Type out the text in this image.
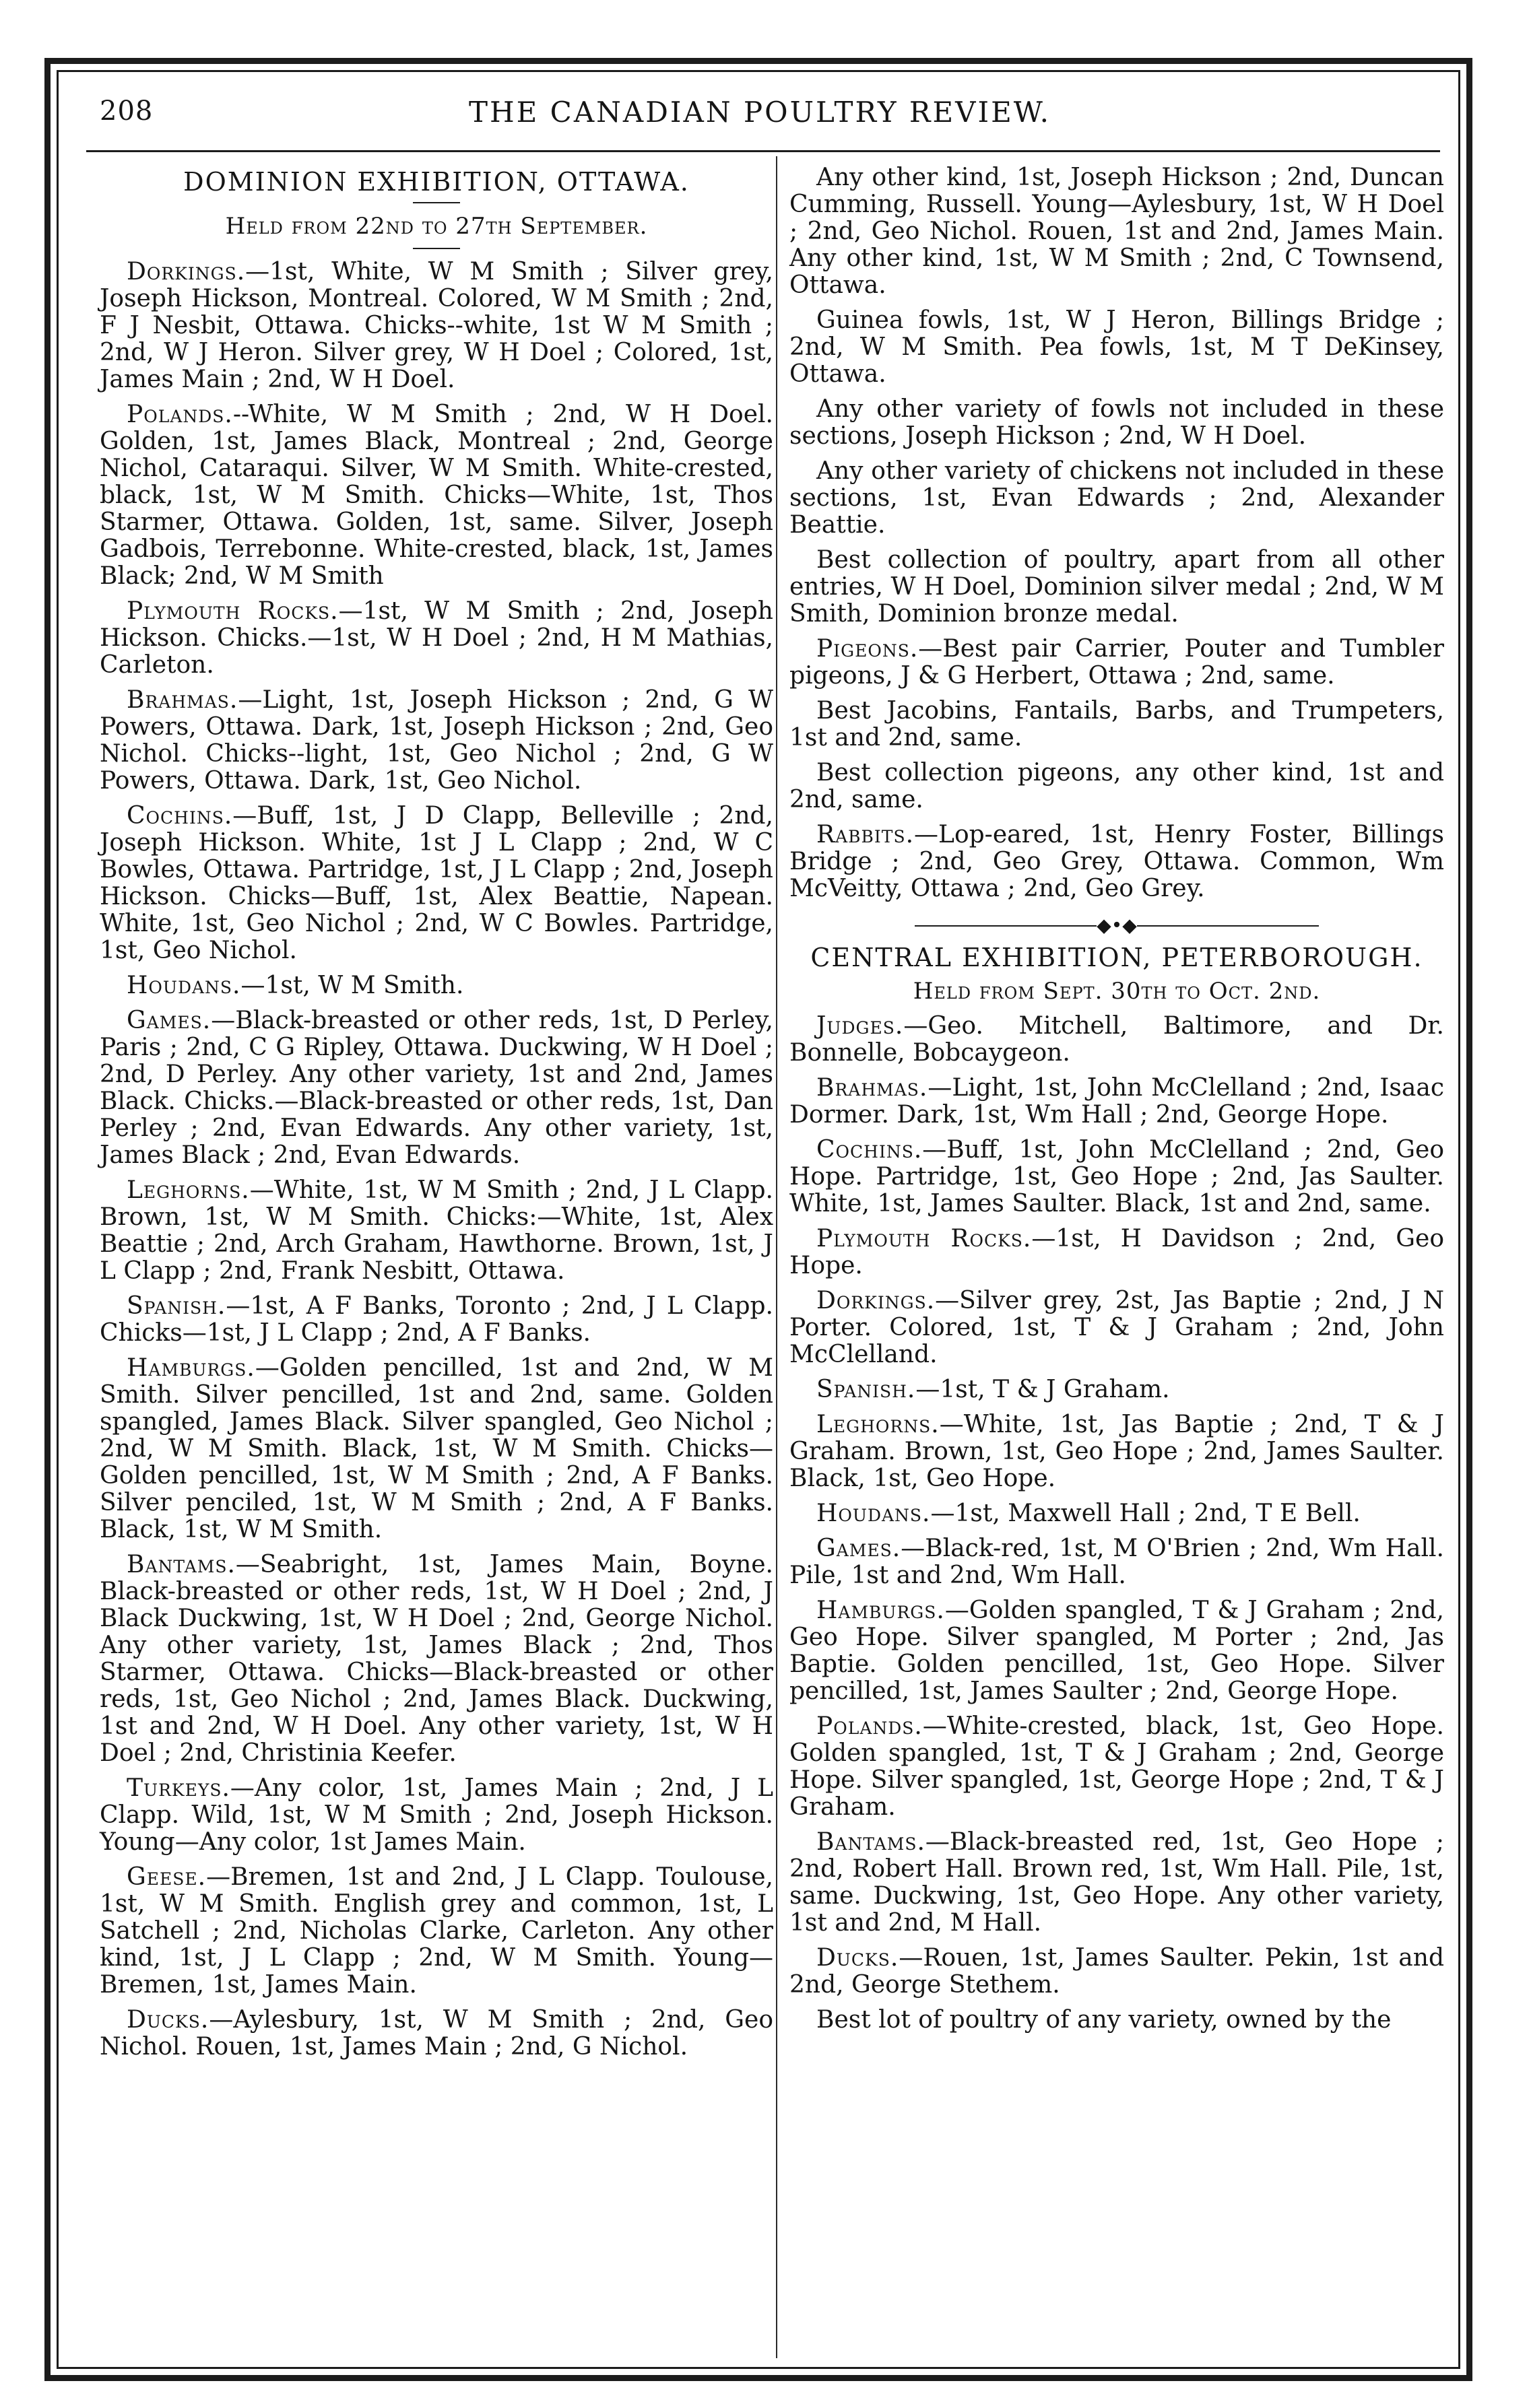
208	THE CANADIAN POULTRY REVIEW.
DOMINION EXHIBITION, OTTAWA.
Held from 22nd to 27th September.

Dorkings.—1st, White, W M Smith ; Silver grey, Joseph Hickson, Montreal. Colored, W M Smith ; 2nd, F J Nesbit, Ottawa. Chicks--white, 1st W M Smith ; 2nd, W J Heron. Silver grey, W H Doel ; Colored, 1st, James Main ; 2nd, W H Doel.

Polands.--White, W M Smith ; 2nd, W H Doel. Golden, 1st, James Black, Montreal ; 2nd, George Nichol, Cataraqui. Silver, W M Smith. White-crested, black, 1st, W M Smith. Chicks—White, 1st, Thos Starmer, Ottawa. Golden, 1st, same. Silver, Joseph Gadbois, Terrebonne. White-crested, black, 1st, James Black; 2nd, W M Smith

Plymouth Rocks.—1st, W M Smith ; 2nd, Joseph Hickson. Chicks.—1st, W H Doel ; 2nd, H M Mathias, Carleton.

Brahmas.—Light, 1st, Joseph Hickson ; 2nd, G W Powers, Ottawa. Dark, 1st, Joseph Hickson ; 2nd, Geo Nichol. Chicks--light, 1st, Geo Nichol ; 2nd, G W Powers, Ottawa. Dark, 1st, Geo Nichol.

Cochins.—Buff, 1st, J D Clapp, Belleville ; 2nd, Joseph Hickson. White, 1st J L Clapp ; 2nd, W C Bowles, Ottawa. Partridge, 1st, J L Clapp ; 2nd, Joseph Hickson. Chicks—Buff, 1st, Alex Beattie, Napean. White, 1st, Geo Nichol ; 2nd, W C Bowles. Partridge, 1st, Geo Nichol.

Houdans.—1st, W M Smith.

Games.—Black-breasted or other reds, 1st, D Perley, Paris ; 2nd, C G Ripley, Ottawa. Duckwing, W H Doel ; 2nd, D Perley. Any other variety, 1st and 2nd, James Black. Chicks.—Black-breasted or other reds, 1st, Dan Perley ; 2nd, Evan Edwards. Any other variety, 1st, James Black ; 2nd, Evan Edwards.

Leghorns.—White, 1st, W M Smith ; 2nd, J L Clapp. Brown, 1st, W M Smith. Chicks:—White, 1st, Alex Beattie ; 2nd, Arch Graham, Hawthorne. Brown, 1st, J L Clapp ; 2nd, Frank Nesbitt, Ottawa.

Spanish.—1st, A F Banks, Toronto ; 2nd, J L Clapp. Chicks—1st, J L Clapp ; 2nd, A F Banks.

Hamburgs.—Golden pencilled, 1st and 2nd, W M Smith. Silver pencilled, 1st and 2nd, same. Golden spangled, James Black. Silver spangled, Geo Nichol ; 2nd, W M Smith. Black, 1st, W M Smith. Chicks—Golden pencilled, 1st, W M Smith ; 2nd, A F Banks. Silver penciled, 1st, W M Smith ; 2nd, A F Banks. Black, 1st, W M Smith.

Bantams.—Seabright, 1st, James Main, Boyne. Black-breasted or other reds, 1st, W H Doel ; 2nd, J Black Duckwing, 1st, W H Doel ; 2nd, George Nichol. Any other variety, 1st, James Black ; 2nd, Thos Starmer, Ottawa. Chicks—Black-breasted or other reds, 1st, Geo Nichol ; 2nd, James Black. Duckwing, 1st and 2nd, W H Doel. Any other variety, 1st, W H Doel ; 2nd, Christinia Keefer.

Turkeys.—Any color, 1st, James Main ; 2nd, J L Clapp. Wild, 1st, W M Smith ; 2nd, Joseph Hickson. Young—Any color, 1st James Main.

Geese.—Bremen, 1st and 2nd, J L Clapp. Toulouse, 1st, W M Smith. English grey and common, 1st, L Satchell ; 2nd, Nicholas Clarke, Carleton. Any other kind, 1st, J L Clapp ; 2nd, W M Smith. Young—Bremen, 1st, James Main.

Ducks.—Aylesbury, 1st, W M Smith ; 2nd, Geo Nichol. Rouen, 1st, James Main ; 2nd, G Nichol.

Any other kind, 1st, Joseph Hickson ; 2nd, Duncan Cumming, Russell. Young—Aylesbury, 1st, W H Doel ; 2nd, Geo Nichol. Rouen, 1st and 2nd, James Main. Any other kind, 1st, W M Smith ; 2nd, C Townsend, Ottawa.

Guinea fowls, 1st, W J Heron, Billings Bridge ; 2nd, W M Smith. Pea fowls, 1st, M T DeKinsey, Ottawa.

Any other variety of fowls not included in these sections, Joseph Hickson ; 2nd, W H Doel.

Any other variety of chickens not included in these sections, 1st, Evan Edwards ; 2nd, Alexander Beattie.

Best collection of poultry, apart from all other entries, W H Doel, Dominion silver medal ; 2nd, W M Smith, Dominion bronze medal.

Pigeons.—Best pair Carrier, Pouter and Tumbler pigeons, J & G Herbert, Ottawa ; 2nd, same.

Best Jacobins, Fantails, Barbs, and Trumpeters, 1st and 2nd, same.

Best collection pigeons, any other kind, 1st and 2nd, same.

Rabbits.—Lop-eared, 1st, Henry Foster, Billings Bridge ; 2nd, Geo Grey, Ottawa. Common, Wm McVeitty, Ottawa ; 2nd, Geo Grey.

◆•◆
CENTRAL EXHIBITION, PETERBOROUGH.
Held from Sept. 30th to Oct. 2nd.

Judges.—Geo. Mitchell, Baltimore, and Dr. Bonnelle, Bobcaygeon.

Brahmas.—Light, 1st, John McClelland ; 2nd, Isaac Dormer. Dark, 1st, Wm Hall ; 2nd, George Hope.

Cochins.—Buff, 1st, John McClelland ; 2nd, Geo Hope. Partridge, 1st, Geo Hope ; 2nd, Jas Saulter. White, 1st, James Saulter. Black, 1st and 2nd, same.

Plymouth Rocks.—1st, H Davidson ; 2nd, Geo Hope.

Dorkings.—Silver grey, 2st, Jas Baptie ; 2nd, J N Porter. Colored, 1st, T & J Graham ; 2nd, John McClelland.

Spanish.—1st, T & J Graham.

Leghorns.—White, 1st, Jas Baptie ; 2nd, T & J Graham. Brown, 1st, Geo Hope ; 2nd, James Saulter. Black, 1st, Geo Hope.

Houdans.—1st, Maxwell Hall ; 2nd, T E Bell.

Games.—Black-red, 1st, M O'Brien ; 2nd, Wm Hall. Pile, 1st and 2nd, Wm Hall.

Hamburgs.—Golden spangled, T & J Graham ; 2nd, Geo Hope. Silver spangled, M Porter ; 2nd, Jas Baptie. Golden pencilled, 1st, Geo Hope. Silver pencilled, 1st, James Saulter ; 2nd, George Hope.

Polands.—White-crested, black, 1st, Geo Hope. Golden spangled, 1st, T & J Graham ; 2nd, George Hope. Silver spangled, 1st, George Hope ; 2nd, T & J Graham.

Bantams.—Black-breasted red, 1st, Geo Hope ; 2nd, Robert Hall. Brown red, 1st, Wm Hall. Pile, 1st, same. Duckwing, 1st, Geo Hope. Any other variety, 1st and 2nd, M Hall.

Ducks.—Rouen, 1st, James Saulter. Pekin, 1st and 2nd, George Stethem.

Best lot of poultry of any variety, owned by the
